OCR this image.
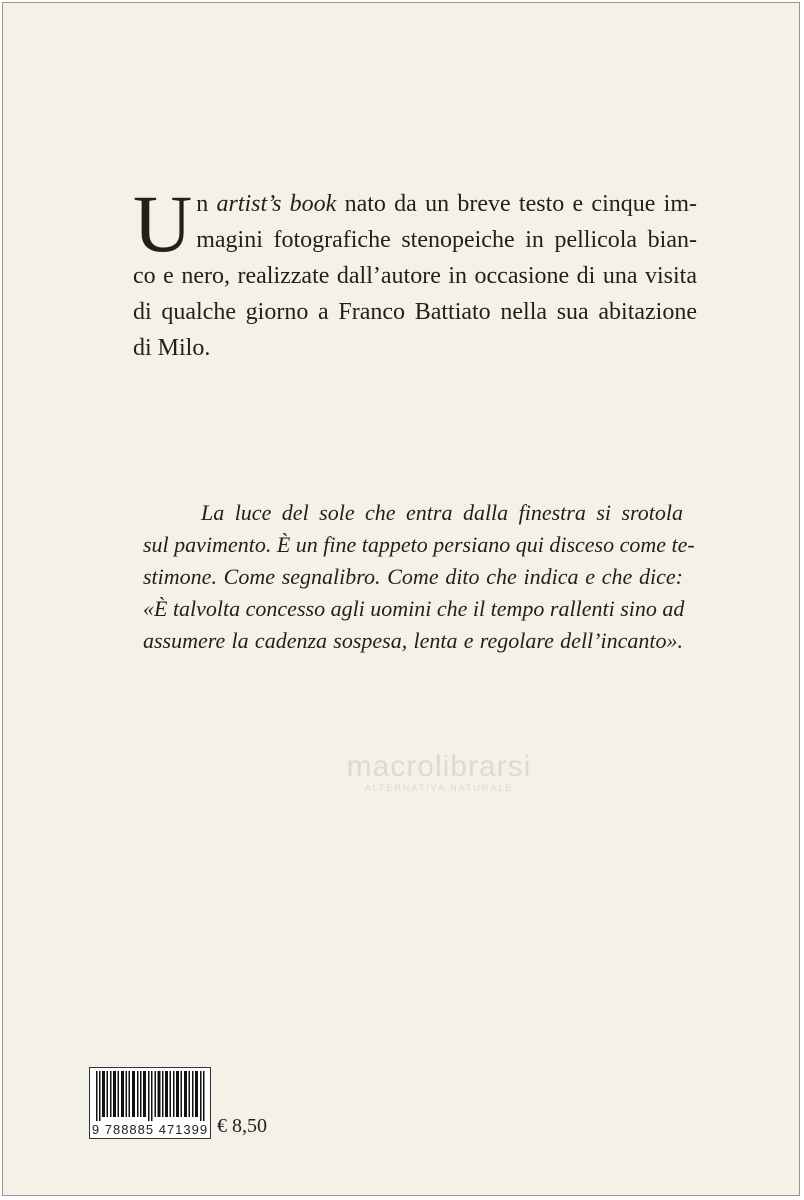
U n artist’s book nato da un breve testo e cinque im-
magini fotografiche stenopeiche in pellicola bian-
co e nero, realizzate dall’autore in occasione di una visita
di qualche giorno a Franco Battiato nella sua abitazione
di Milo.
La luce del sole che entra dalla finestra si srotola
sul pavimento. È un fine tappeto persiano qui disceso come te-
stimone. Come segnalibro. Come dito che indica e che dice:
«È talvolta concesso agli uomini che il tempo rallenti sino ad
assumere la cadenza sospesa, lenta e regolare dell’incanto».
macrolibrarsi
ALTERNATIVA NATURALE
9 788885 471399 € 8,50
